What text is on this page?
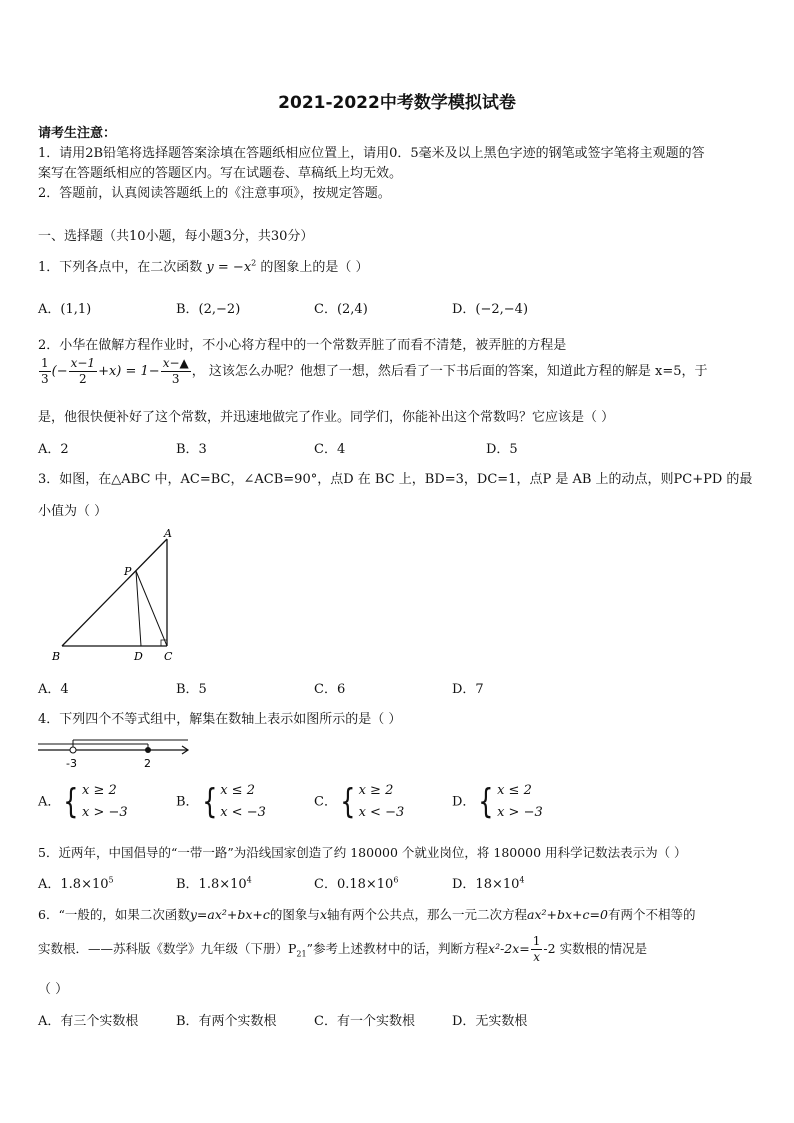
2021-2022中考数学模拟试卷
请考生注意：
1．请用2B铅笔将选择题答案涂填在答题纸相应位置上，请用0．5毫米及以上黑色字迹的钢笔或签字笔将主观题的答
案写在答题纸相应的答题区内。写在试题卷、草稿纸上均无效。
2．答题前，认真阅读答题纸上的《注意事项》，按规定答题。
一、选择题（共10小题，每小题3分，共30分）
1．下列各点中，在二次函数 $y = -x^2$ 的图象上的是（ ）
A．(1,1)	B．(2,−2)	C．(2,4)	D．(−2,−4)
2．小华在做解方程作业时，不小心将方程中的一个常数弄脏了而看不清楚，被弄脏的方程是
$\frac{1}{3}$ (− $\frac{x-1}{2} +x) = 1- \frac{x-▲}{3}$ ， 这该怎么办呢？他想了一想，然后看了一下书后面的答案，知道此方程的解是 x=5，于
是，他很快便补好了这个常数，并迅速地做完了作业。同学们，你能补出这个常数吗？它应该是（ ）
A．2	B．3	C．4	D．5
3．如图，在△ABC 中，AC=BC，∠ACB=90°，点D 在 BC 上，BD=3，DC=1，点P 是 AB 上的动点，则PC+PD 的最
小值为（ ）
A
B	C
D
P
A．4	B．5	C．6	D．7
4．下列四个不等式组中，解集在数轴上表示如图所示的是（ ）
-3	2
A．{ x ≥ 2
x > −3
B．{ x ≤ 2
x < −3
C．{ x ≥ 2
x < −3
D．{ x ≤ 2
x > −3
5．近两年，中国倡导的“一带一路”为沿线国家创造了约 180000 个就业岗位，将 180000 用科学记数法表示为（ ）
A．$1.8\times 10^5$	B．$1.8\times 10^4$	C．$0.18\times 10^6$	D．$18\times 10^4$
6．“一般的，如果二次函数y=ax²+bx+c的图象与x轴有两个公共点，那么一元二次方程ax²+bx+c=0有两个不相等的
实数根．——苏科版《数学》九年级（下册）$P_{21}$”参考上述教材中的话，判断方程$x^2-2x= \frac{1}{x} -2$ 实数根的情况是
（ ）
A．有三个实数根	B．有两个实数根	C．有一个实数根	D．无实数根
